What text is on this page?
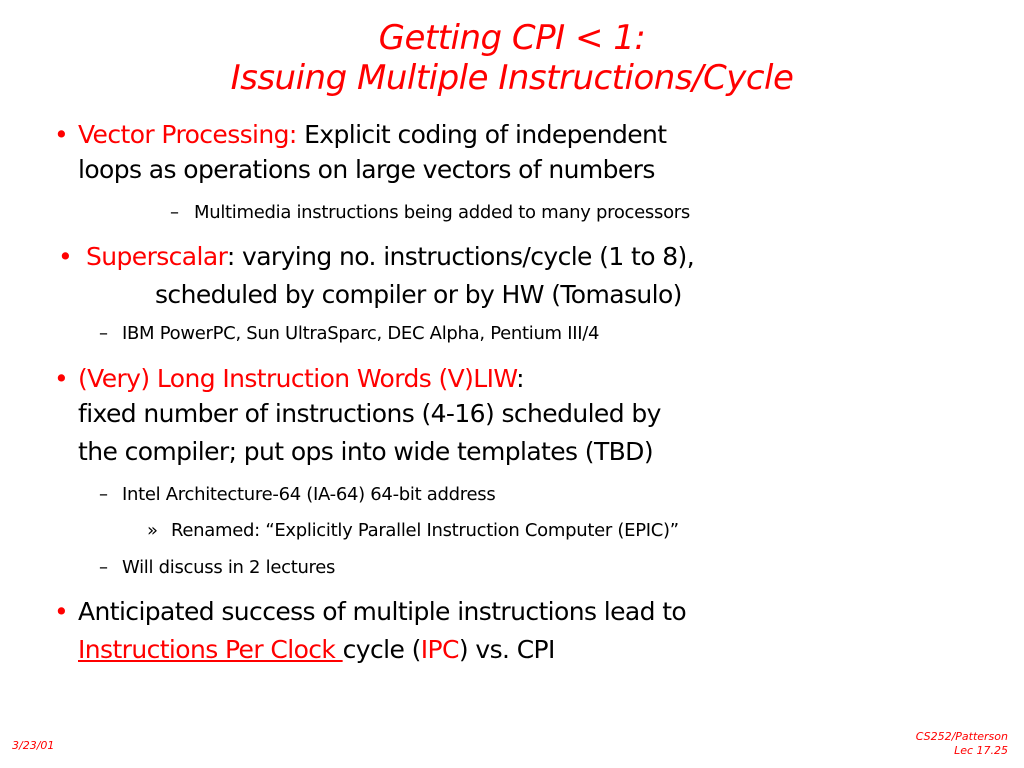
Getting CPI < 1:
Issuing Multiple Instructions/Cycle
• Vector Processing: Explicit coding of independent
loops as operations on large vectors of numbers
– Multimedia instructions being added to many processors
• Superscalar: varying no. instructions/cycle (1 to 8),
scheduled by compiler or by HW (Tomasulo)
– IBM PowerPC, Sun UltraSparc, DEC Alpha, Pentium III/4
• (Very) Long Instruction Words (V)LIW:
fixed number of instructions (4-16) scheduled by
the compiler; put ops into wide templates (TBD)
– Intel Architecture-64 (IA-64) 64-bit address
» Renamed: “Explicitly Parallel Instruction Computer (EPIC)”
– Will discuss in 2 lectures
• Anticipated success of multiple instructions lead to
Instructions Per Clock cycle (IPC) vs. CPI
3/23/01
CS252/Patterson
Lec 17.25
